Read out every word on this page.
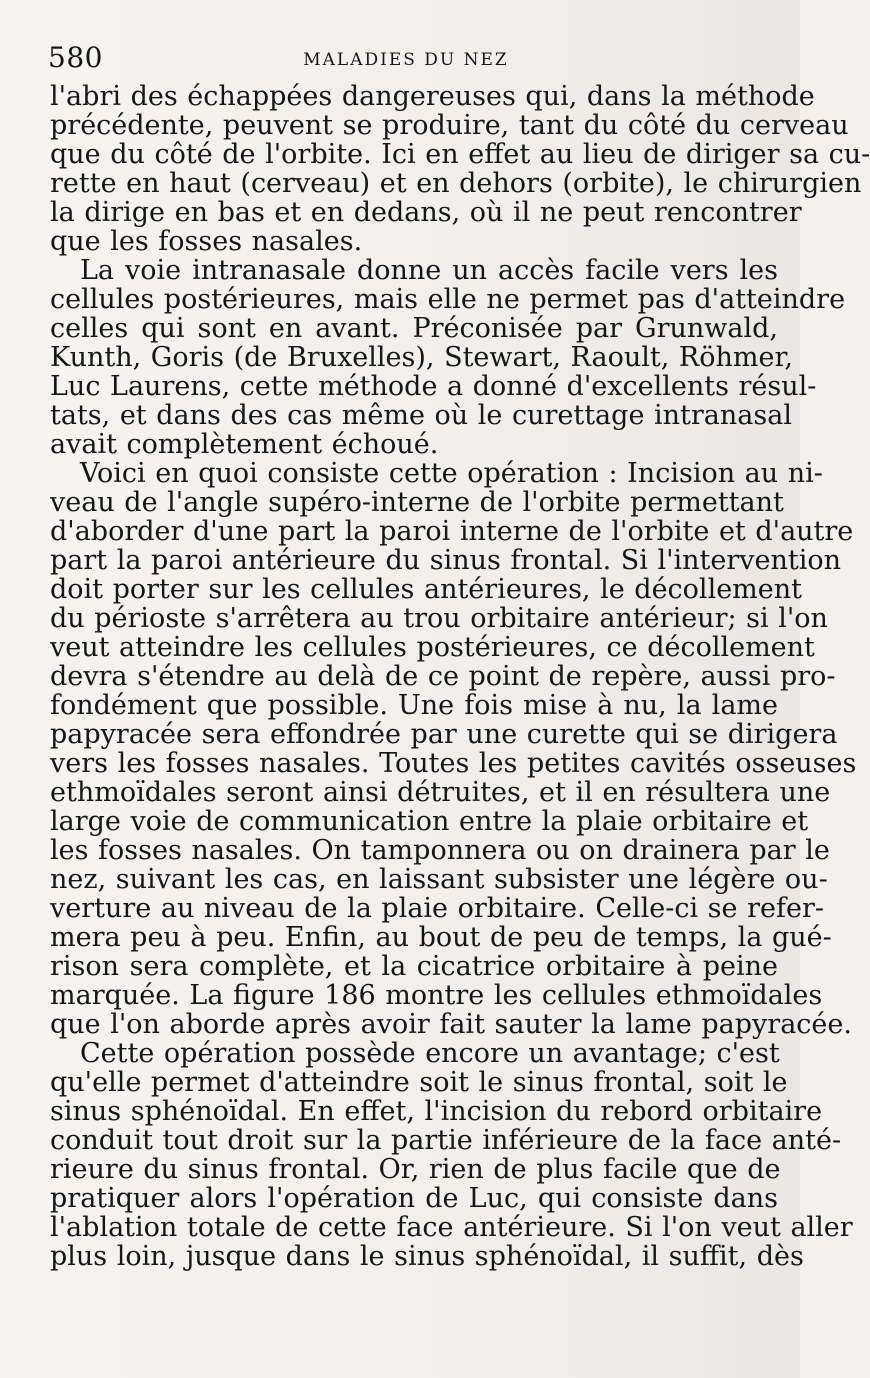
580	MALADIES DU NEZ
l'abri des échappées dangereuses qui, dans la méthode
précédente, peuvent se produire, tant du côté du cerveau
que du côté de l'orbite. Ici en effet au lieu de diriger sa cu-
rette en haut (cerveau) et en dehors (orbite), le chirurgien
la dirige en bas et en dedans, où il ne peut rencontrer
que les fosses nasales.
La voie intranasale donne un accès facile vers les
cellules postérieures, mais elle ne permet pas d'atteindre
celles qui sont en avant. Préconisée par Grunwald,
Kunth, Goris (de Bruxelles), Stewart, Raoult, Röhmer,
Luc Laurens, cette méthode a donné d'excellents résul-
tats, et dans des cas même où le curettage intranasal
avait complètement échoué.
Voici en quoi consiste cette opération : Incision au ni-
veau de l'angle supéro-interne de l'orbite permettant
d'aborder d'une part la paroi interne de l'orbite et d'autre
part la paroi antérieure du sinus frontal. Si l'intervention
doit porter sur les cellules antérieures, le décollement
du périoste s'arrêtera au trou orbitaire antérieur; si l'on
veut atteindre les cellules postérieures, ce décollement
devra s'étendre au delà de ce point de repère, aussi pro-
fondément que possible. Une fois mise à nu, la lame
papyracée sera effondrée par une curette qui se dirigera
vers les fosses nasales. Toutes les petites cavités osseuses
ethmoïdales seront ainsi détruites, et il en résultera une
large voie de communication entre la plaie orbitaire et
les fosses nasales. On tamponnera ou on drainera par le
nez, suivant les cas, en laissant subsister une légère ou-
verture au niveau de la plaie orbitaire. Celle-ci se refer-
mera peu à peu. Enfin, au bout de peu de temps, la gué-
rison sera complète, et la cicatrice orbitaire à peine
marquée. La figure 186 montre les cellules ethmoïdales
que l'on aborde après avoir fait sauter la lame papyracée.
Cette opération possède encore un avantage; c'est
qu'elle permet d'atteindre soit le sinus frontal, soit le
sinus sphénoïdal. En effet, l'incision du rebord orbitaire
conduit tout droit sur la partie inférieure de la face anté-
rieure du sinus frontal. Or, rien de plus facile que de
pratiquer alors l'opération de Luc, qui consiste dans
l'ablation totale de cette face antérieure. Si l'on veut aller
plus loin, jusque dans le sinus sphénoïdal, il suffit, dès
